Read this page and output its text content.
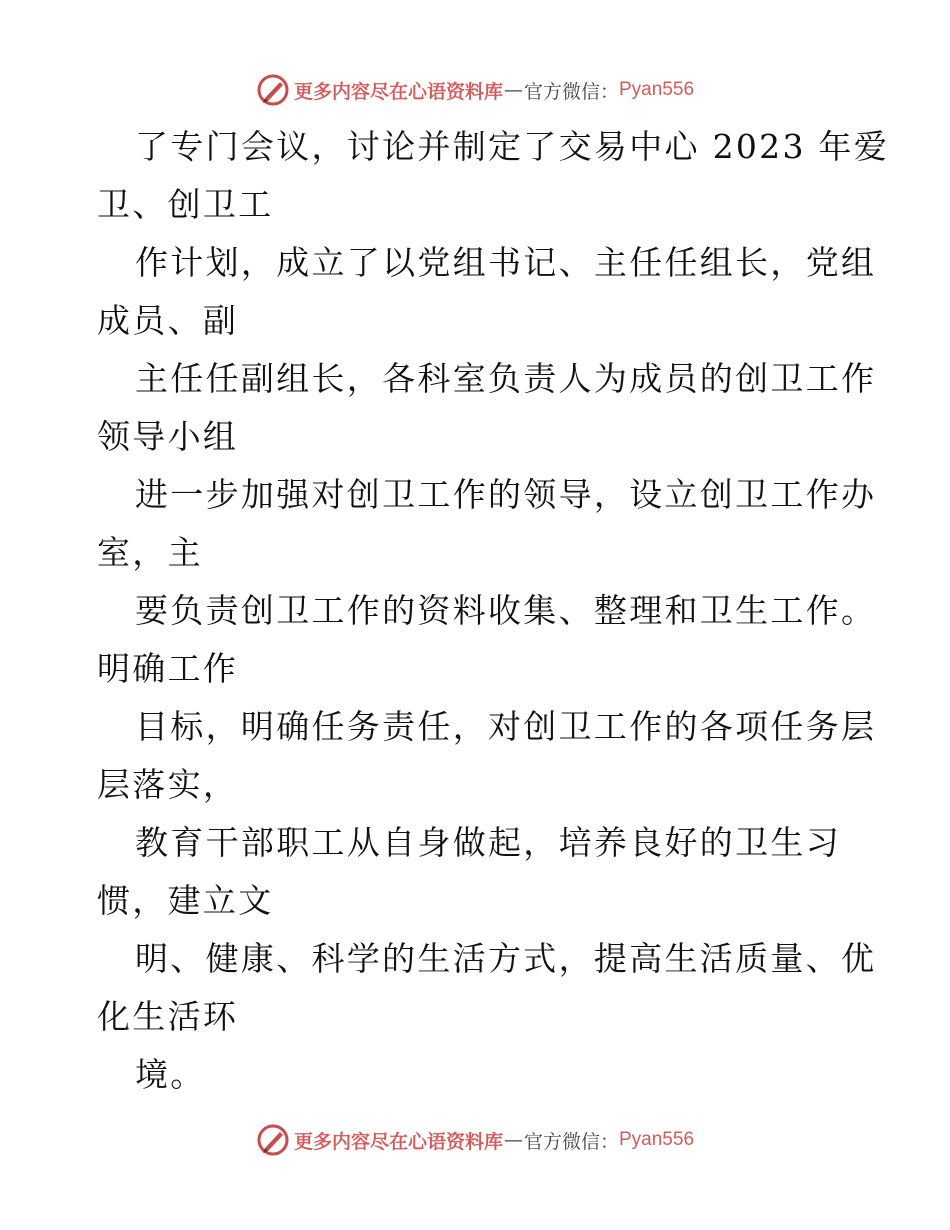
更多内容尽在心语资料库 — 官方微信： Pyan556
了专门会议，讨论并制定了交易中心 2023 年爱
卫、创卫工
作计划，成立了以党组书记、主任任组长，党组
成员、副
主任任副组长，各科室负责人为成员的创卫工作
领导小组
进一步加强对创卫工作的领导，设立创卫工作办
室，主
要负责创卫工作的资料收集、整理和卫生工作。
明确工作
目标，明确任务责任，对创卫工作的各项任务层
层落实，
教育干部职工从自身做起，培养良好的卫生习
惯，建立文
明、健康、科学的生活方式，提高生活质量、优
化生活环
境。
更多内容尽在心语资料库 — 官方微信： Pyan556
